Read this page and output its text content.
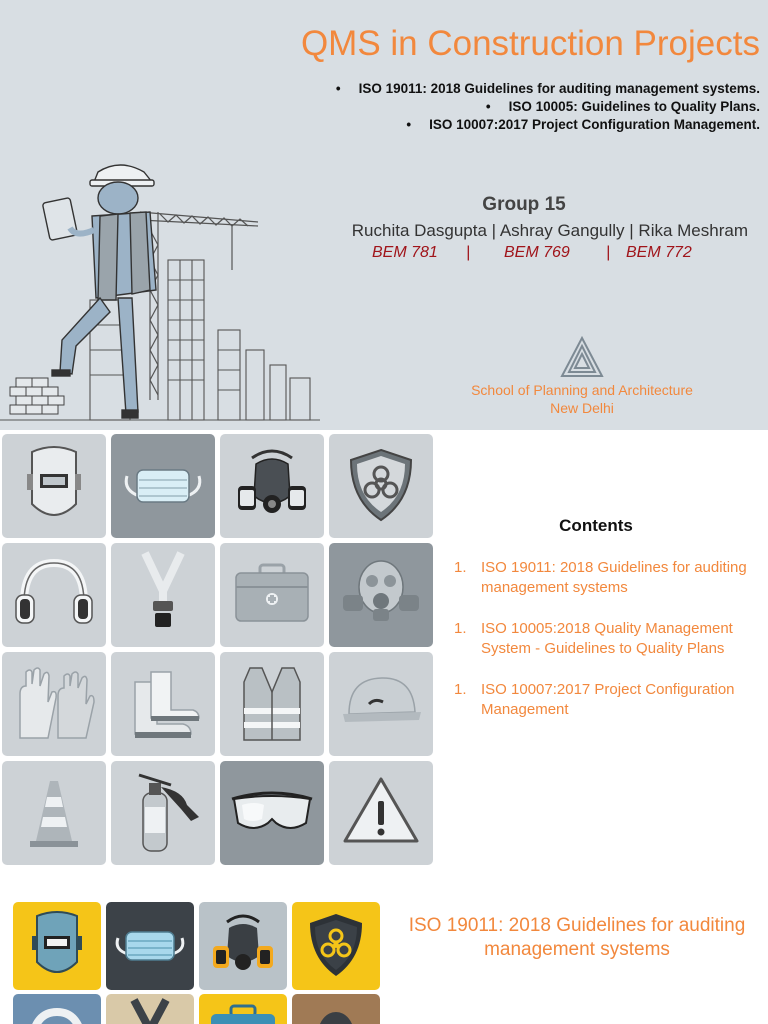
QMS in Construction Projects
• ISO 19011: 2018 Guidelines for auditing management systems.
• ISO 10005: Guidelines to Quality Plans.
• ISO 10007:2017 Project Configuration Management.
Group 15
Ruchita Dasgupta | Ashray Gangully | Rika Meshram
BEM 781	|	BEM 769	| BEM 772
School of Planning and Architecture
New Delhi
Contents
1. ISO 19011: 2018 Guidelines for auditing management systems
1. ISO 10005:2018 Quality Management System - Guidelines to Quality Plans
1. ISO 10007:2017 Project Configuration Management
ISO 19011: 2018 Guidelines for auditing management systems
